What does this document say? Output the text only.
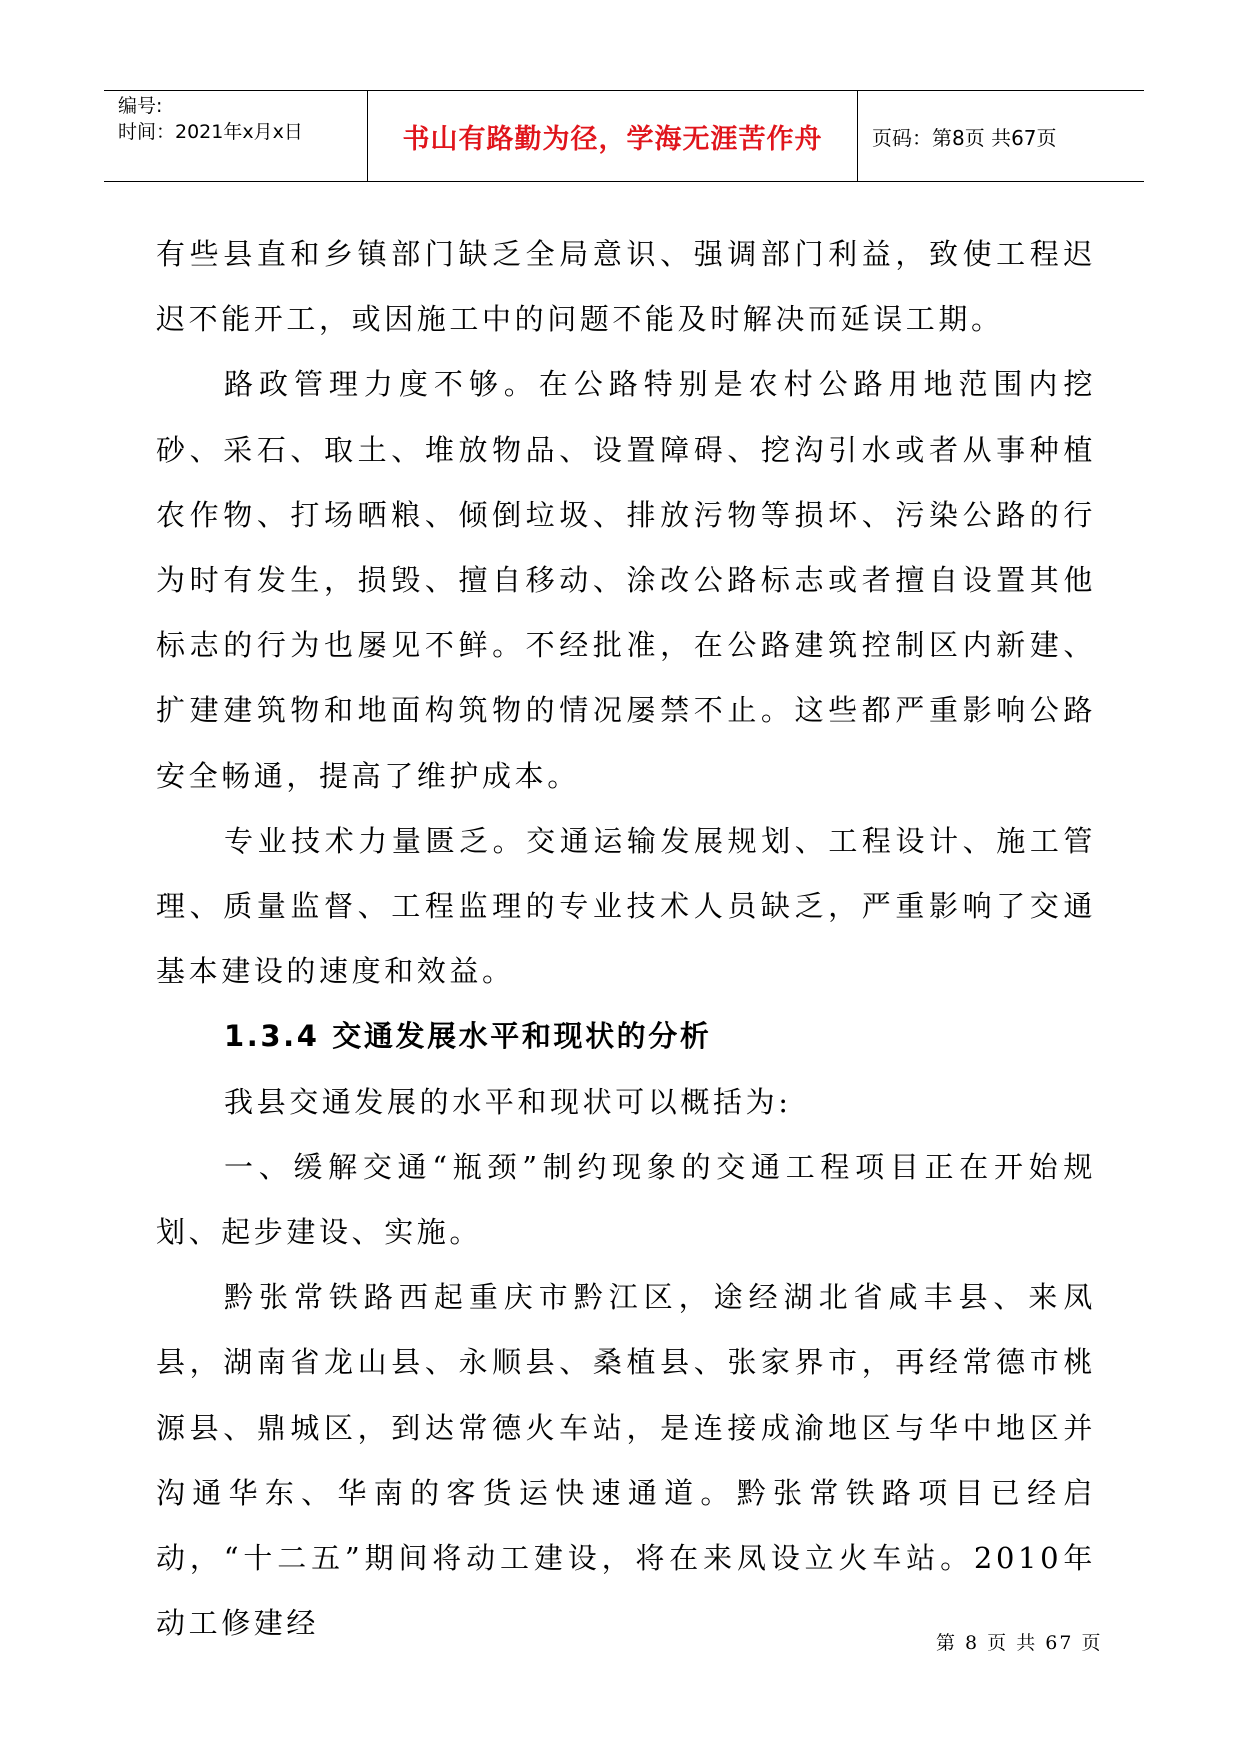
编号:
时间：2021年x月x日	书山有路勤为径，学海无涯苦作舟	页码：第8页 共67页

有些县直和乡镇部门缺乏全局意识、强调部门利益，致使工程迟迟不能开工，或因施工中的问题不能及时解决而延误工期。

路政管理力度不够。在公路特别是农村公路用地范围内挖砂、采石、取土、堆放物品、设置障碍、挖沟引水或者从事种植农作物、打场晒粮、倾倒垃圾、排放污物等损坏、污染公路的行为时有发生，损毁、擅自移动、涂改公路标志或者擅自设置其他标志的行为也屡见不鲜。不经批准，在公路建筑控制区内新建、扩建建筑物和地面构筑物的情况屡禁不止。这些都严重影响公路安全畅通，提高了维护成本。

专业技术力量匮乏。交通运输发展规划、工程设计、施工管理、质量监督、工程监理的专业技术人员缺乏，严重影响了交通基本建设的速度和效益。

1.3.4 交通发展水平和现状的分析

我县交通发展的水平和现状可以概括为:

一、缓解交通“瓶颈”制约现象的交通工程项目正在开始规划、起步建设、实施。

黔张常铁路西起重庆市黔江区，途经湖北省咸丰县、来凤县，湖南省龙山县、永顺县、桑植县、张家界市，再经常德市桃源县、鼎城区，到达常德火车站，是连接成渝地区与华中地区并沟通华东、华南的客货运快速通道。黔张常铁路项目已经启动，“十二五”期间将动工建设，将在来凤设立火车站。2010年动工修建经

第 8 页 共 67 页
